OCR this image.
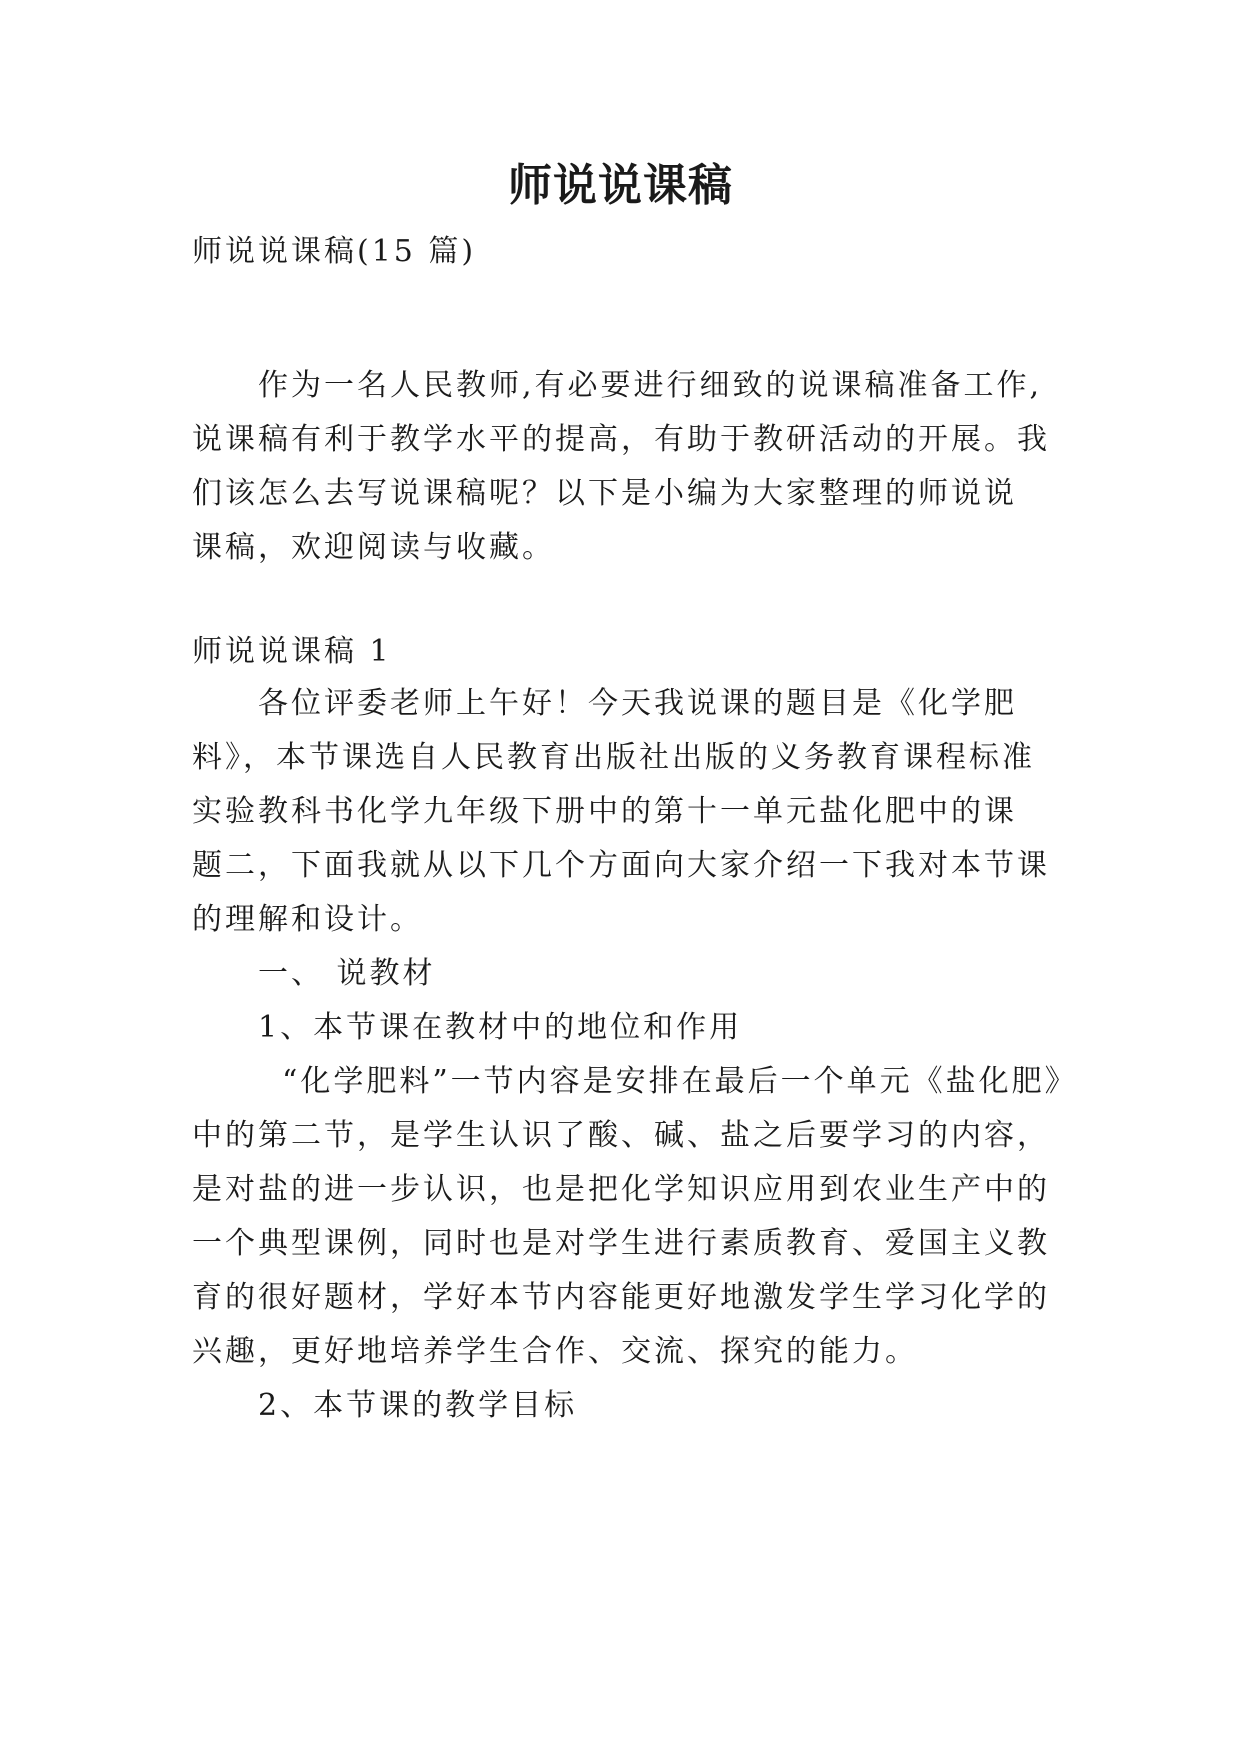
师说说课稿
师说说课稿(15 篇)
作为一名人民教师,有必要进行细致的说课稿准备工作,
说课稿有利于教学水平的提高，有助于教研活动的开展。我
们该怎么去写说课稿呢？以下是小编为大家整理的师说说
课稿，欢迎阅读与收藏。
师说说课稿 1
各位评委老师上午好！今天我说课的题目是《化学肥
料》，本节课选自人民教育出版社出版的义务教育课程标准
实验教科书化学九年级下册中的第十一单元盐化肥中的课
题二，下面我就从以下几个方面向大家介绍一下我对本节课
的理解和设计。
一、 说教材
1、本节课在教材中的地位和作用
“化学肥料”一节内容是安排在最后一个单元《盐化肥》
中的第二节，是学生认识了酸、碱、盐之后要学习的内容，
是对盐的进一步认识，也是把化学知识应用到农业生产中的
一个典型课例，同时也是对学生进行素质教育、爱国主义教
育的很好题材，学好本节内容能更好地激发学生学习化学的
兴趣，更好地培养学生合作、交流、探究的能力。
2、本节课的教学目标
